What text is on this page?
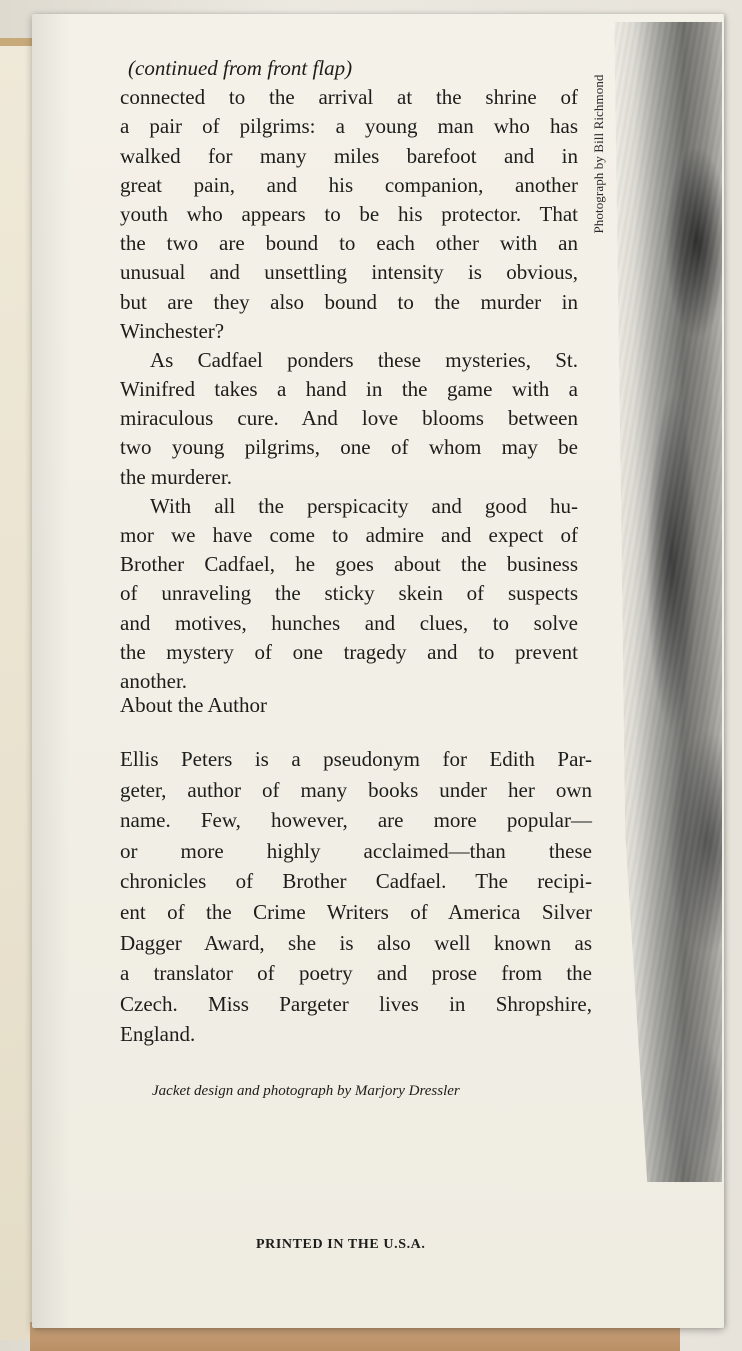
Photograph by Bill Richmond
(continued from front flap)
connected to the arrival at the shrine of
a pair of pilgrims: a young man who has
walked for many miles barefoot and in
great pain, and his companion, another
youth who appears to be his protector. That
the two are bound to each other with an
unusual and unsettling intensity is obvious,
but are they also bound to the murder in
Winchester?
As Cadfael ponders these mysteries, St.
Winifred takes a hand in the game with a
miraculous cure. And love blooms between
two young pilgrims, one of whom may be
the murderer.
With all the perspicacity and good hu-
mor we have come to admire and expect of
Brother Cadfael, he goes about the business
of unraveling the sticky skein of suspects
and motives, hunches and clues, to solve
the mystery of one tragedy and to prevent
another.
About the Author
Ellis Peters is a pseudonym for Edith Par-
geter, author of many books under her own
name. Few, however, are more popular—
or more highly acclaimed—than these
chronicles of Brother Cadfael. The recipi-
ent of the Crime Writers of America Silver
Dagger Award, she is also well known as
a translator of poetry and prose from the
Czech. Miss Pargeter lives in Shropshire,
England.
Jacket design and photograph by Marjory Dressler
PRINTED IN THE U.S.A.
